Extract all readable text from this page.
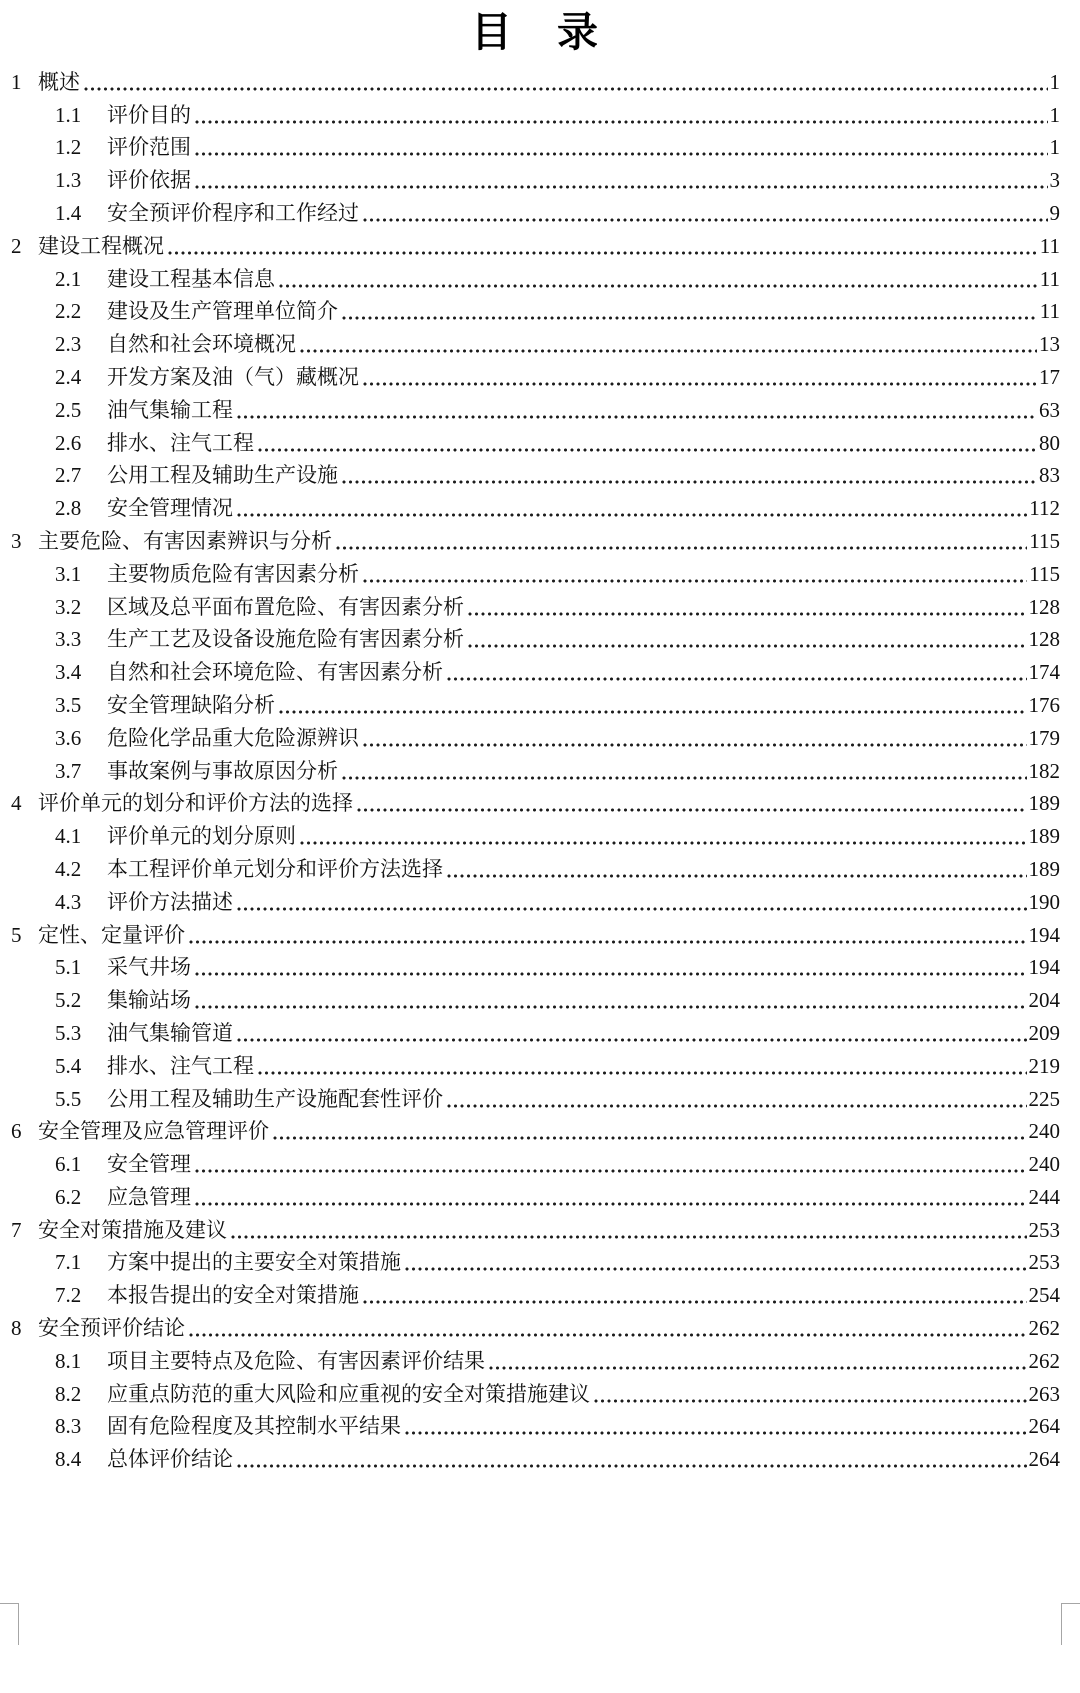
目　录
1 概述	1
1.1	评价目的	1
1.2	评价范围	1
1.3	评价依据	3
1.4	安全预评价程序和工作经过	9
2 建设工程概况	11
2.1	建设工程基本信息	11
2.2	建设及生产管理单位简介	11
2.3	自然和社会环境概况	13
2.4	开发方案及油（气）藏概况	17
2.5	油气集输工程	63
2.6	排水、注气工程	80
2.7	公用工程及辅助生产设施	83
2.8	安全管理情况	112
3 主要危险、有害因素辨识与分析	115
3.1	主要物质危险有害因素分析	115
3.2	区域及总平面布置危险、有害因素分析	128
3.3	生产工艺及设备设施危险有害因素分析	128
3.4	自然和社会环境危险、有害因素分析	174
3.5	安全管理缺陷分析	176
3.6	危险化学品重大危险源辨识	179
3.7	事故案例与事故原因分析	182
4 评价单元的划分和评价方法的选择	189
4.1	评价单元的划分原则	189
4.2	本工程评价单元划分和评价方法选择	189
4.3	评价方法描述	190
5 定性、定量评价	194
5.1	采气井场	194
5.2	集输站场	204
5.3	油气集输管道	209
5.4	排水、注气工程	219
5.5	公用工程及辅助生产设施配套性评价	225
6 安全管理及应急管理评价	240
6.1	安全管理	240
6.2	应急管理	244
7 安全对策措施及建议	253
7.1	方案中提出的主要安全对策措施	253
7.2	本报告提出的安全对策措施	254
8 安全预评价结论	262
8.1	项目主要特点及危险、有害因素评价结果	262
8.2	应重点防范的重大风险和应重视的安全对策措施建议	263
8.3	固有危险程度及其控制水平结果	264
8.4	总体评价结论	264
